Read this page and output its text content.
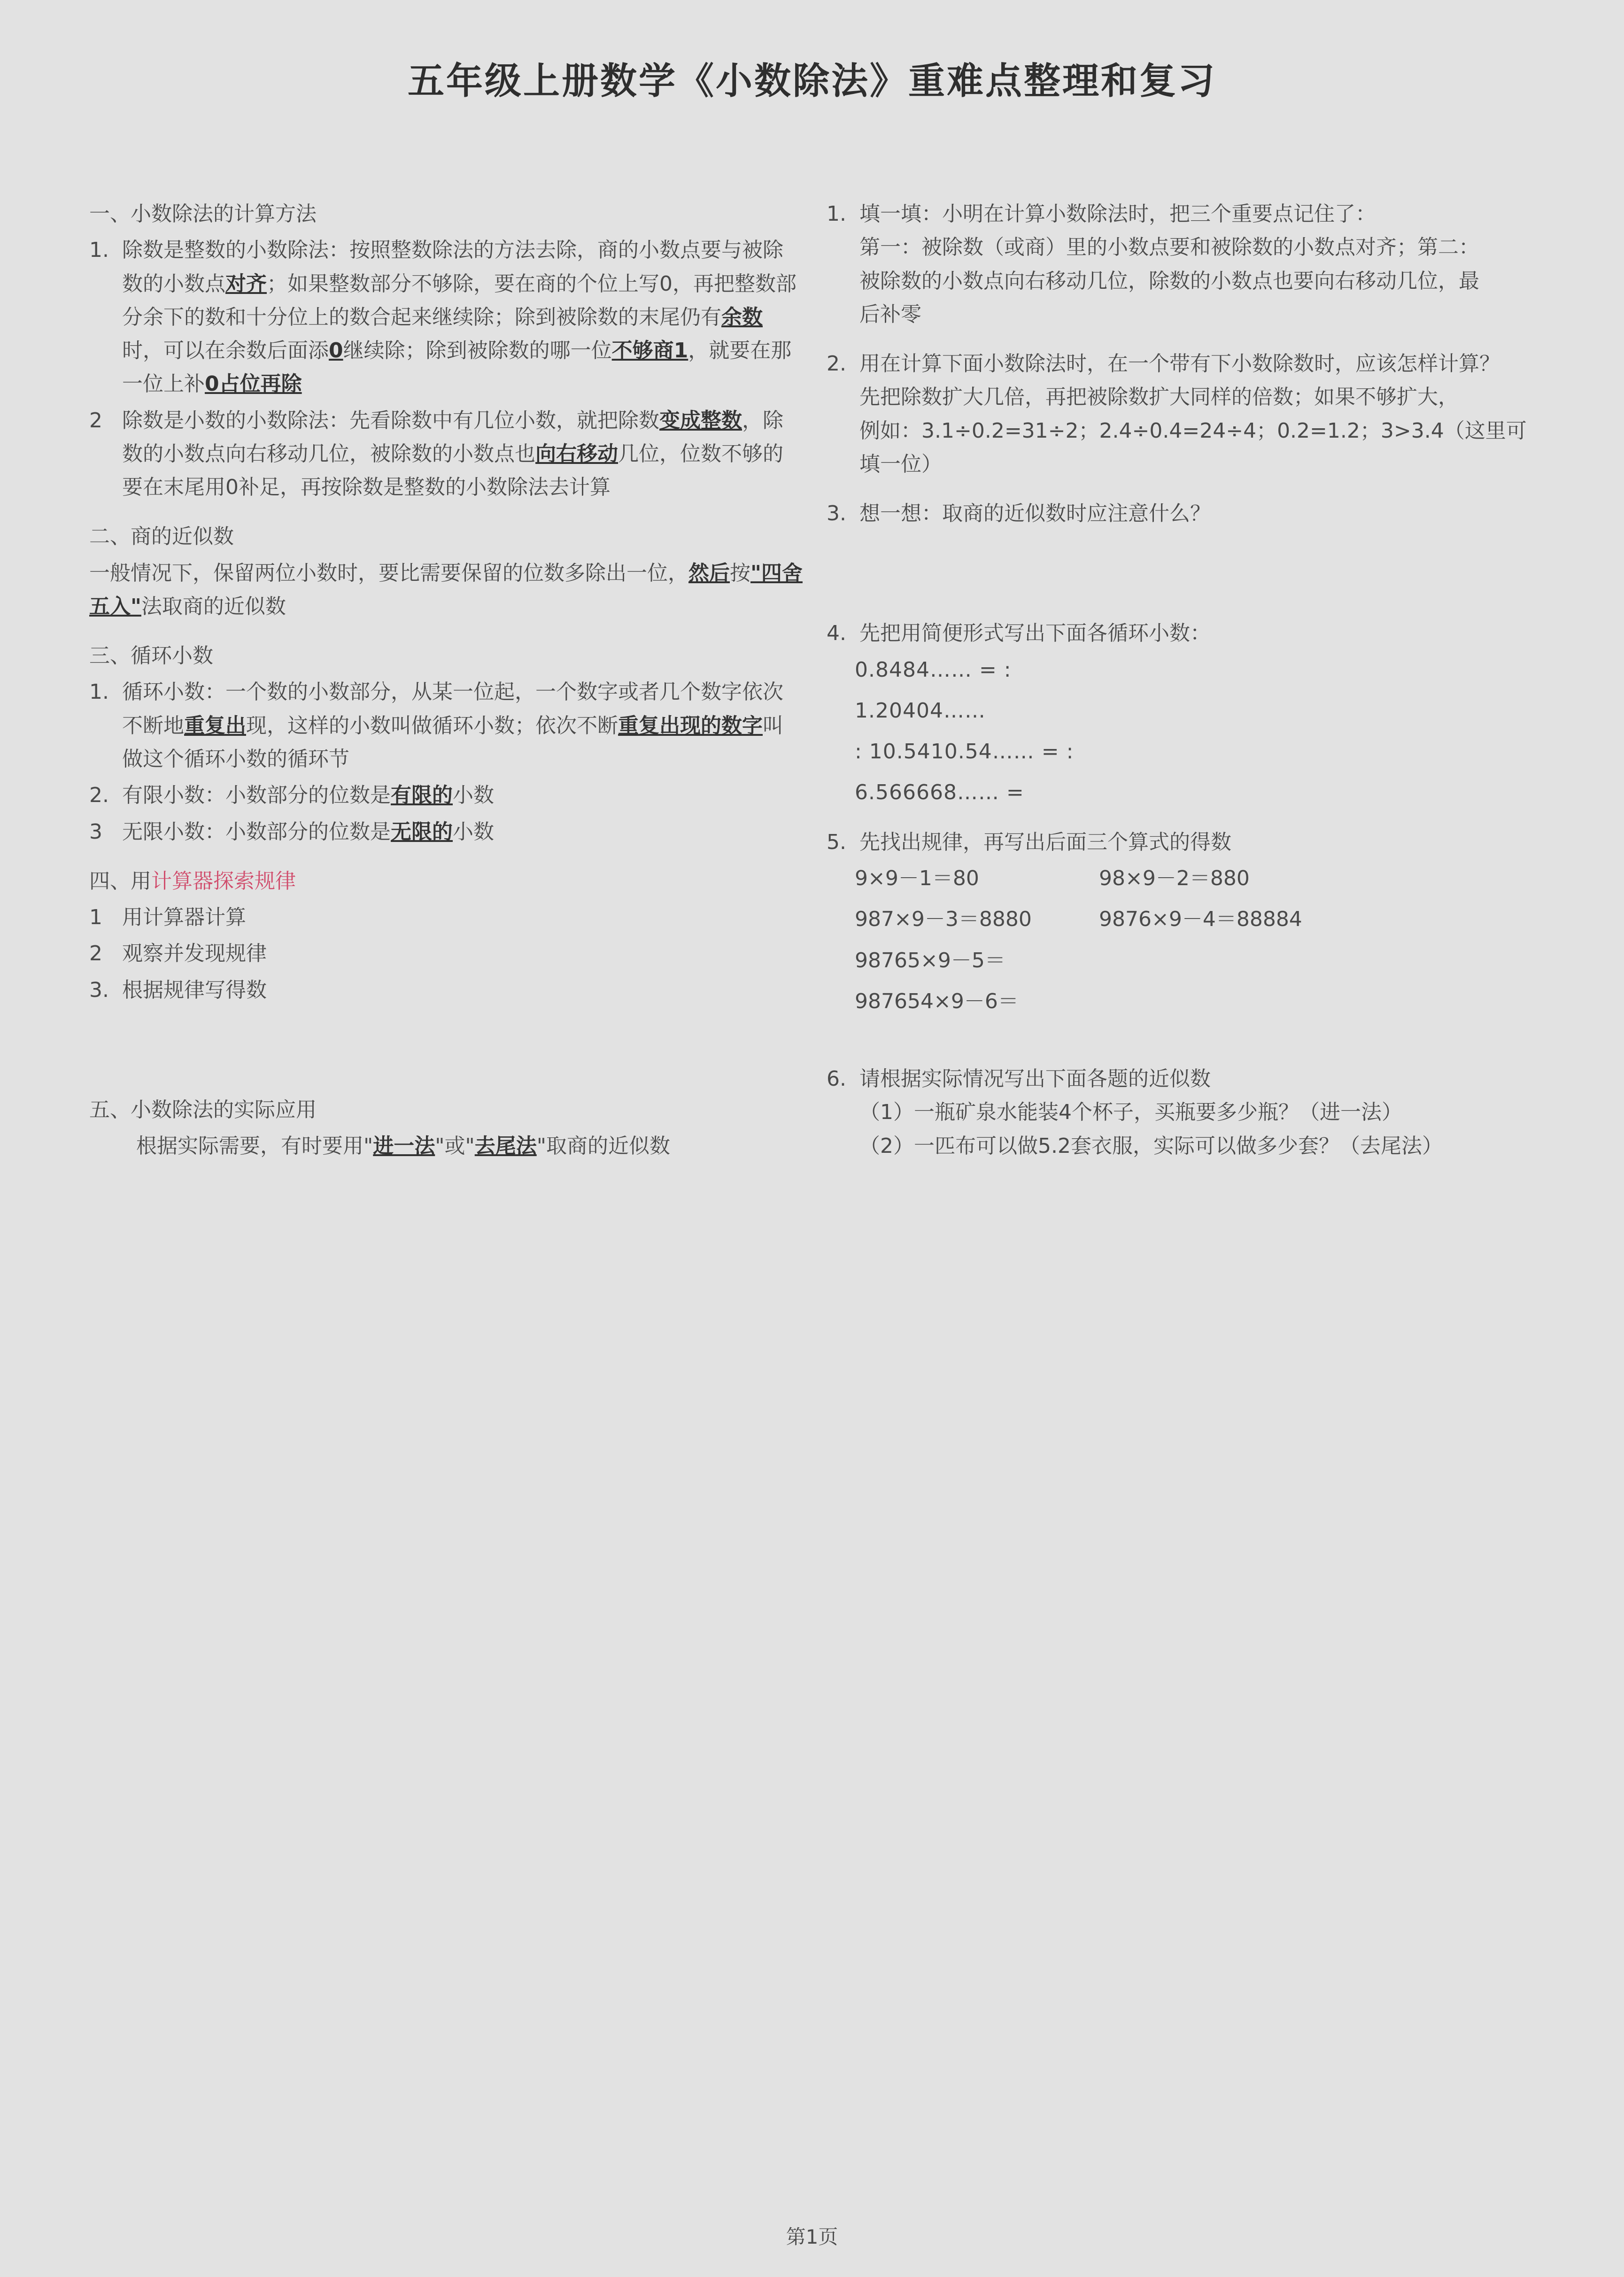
五年级上册数学《小数除法》重难点整理和复习
一、小数除法的计算方法
1. 除数是整数的小数除法：按照整数除法的方法去除，商的小数点要与被除数的小数点对齐；如果整数部分不够除，要在商的个位上写0，再把整数部分余下的数和十分位上的数合起来继续除；除到被除数的末尾仍有余数时，可以在余数后面添0继续除；除到被除数的哪一位不够商1，就要在那一位上补0占位再除
2 除数是小数的小数除法：先看除数中有几位小数，就把除数变成整数，除数的小数点向右移动几位，被除数的小数点也向右移动几位，位数不够的要在末尾用0补足，再按除数是整数的小数除法去计算
二、商的近似数
一般情况下，保留两位小数时，要比需要保留的位数多除出一位，然后按"四舍五入"法取商的近似数
三、循环小数
1. 循环小数：一个数的小数部分，从某一位起，一个数字或者几个数字依次不断地重复出现，这样的小数叫做循环小数；依次不断重复出现的数字叫做这个循环小数的循环节
2. 有限小数：小数部分的位数是有限的小数
3 无限小数：小数部分的位数是无限的小数
四、用计算器探索规律
1 用计算器计算
2 观察并发现规律
3. 根据规律写得数
五、小数除法的实际应用
根据实际需要，有时要用"进一法"或"去尾法"取商的近似数
1. 填一填：小明在计算小数除法时，把三个重要点记住了：
第一：被除数（或商）里的小数点要和被除数的小数点对齐；第二：
被除数的小数点向右移动几位，除数的小数点也要向右移动几位，最
后补零
2. 用在计算下面小数除法时，在一个带有下小数除数时，应该怎样计算？
先把除数扩大几倍，再把被除数扩大同样的倍数；如果不够扩大，
例如：3.1÷0.2=31÷2；2.4÷0.4=24÷4；0.2=1.2；3>3.4（这里可填一位）
3. 想一想：取商的近似数时应注意什么？
4. 先把用简便形式写出下面各循环小数：
0.8484…… = :
1.20404……
: 10.5410.54…… = :
6.566668…… =
5. 先找出规律，再写出后面三个算式的得数
9×9－1＝80	98×9－2＝880
987×9－3＝8880	9876×9－4＝88884
98765×9－5＝
987654×9－6＝
6. 请根据实际情况写出下面各题的近似数
（1）一瓶矿泉水能装4个杯子，买瓶要多少瓶？（进一法）
（2）一匹布可以做5.2套衣服，实际可以做多少套？（去尾法）
第1页
